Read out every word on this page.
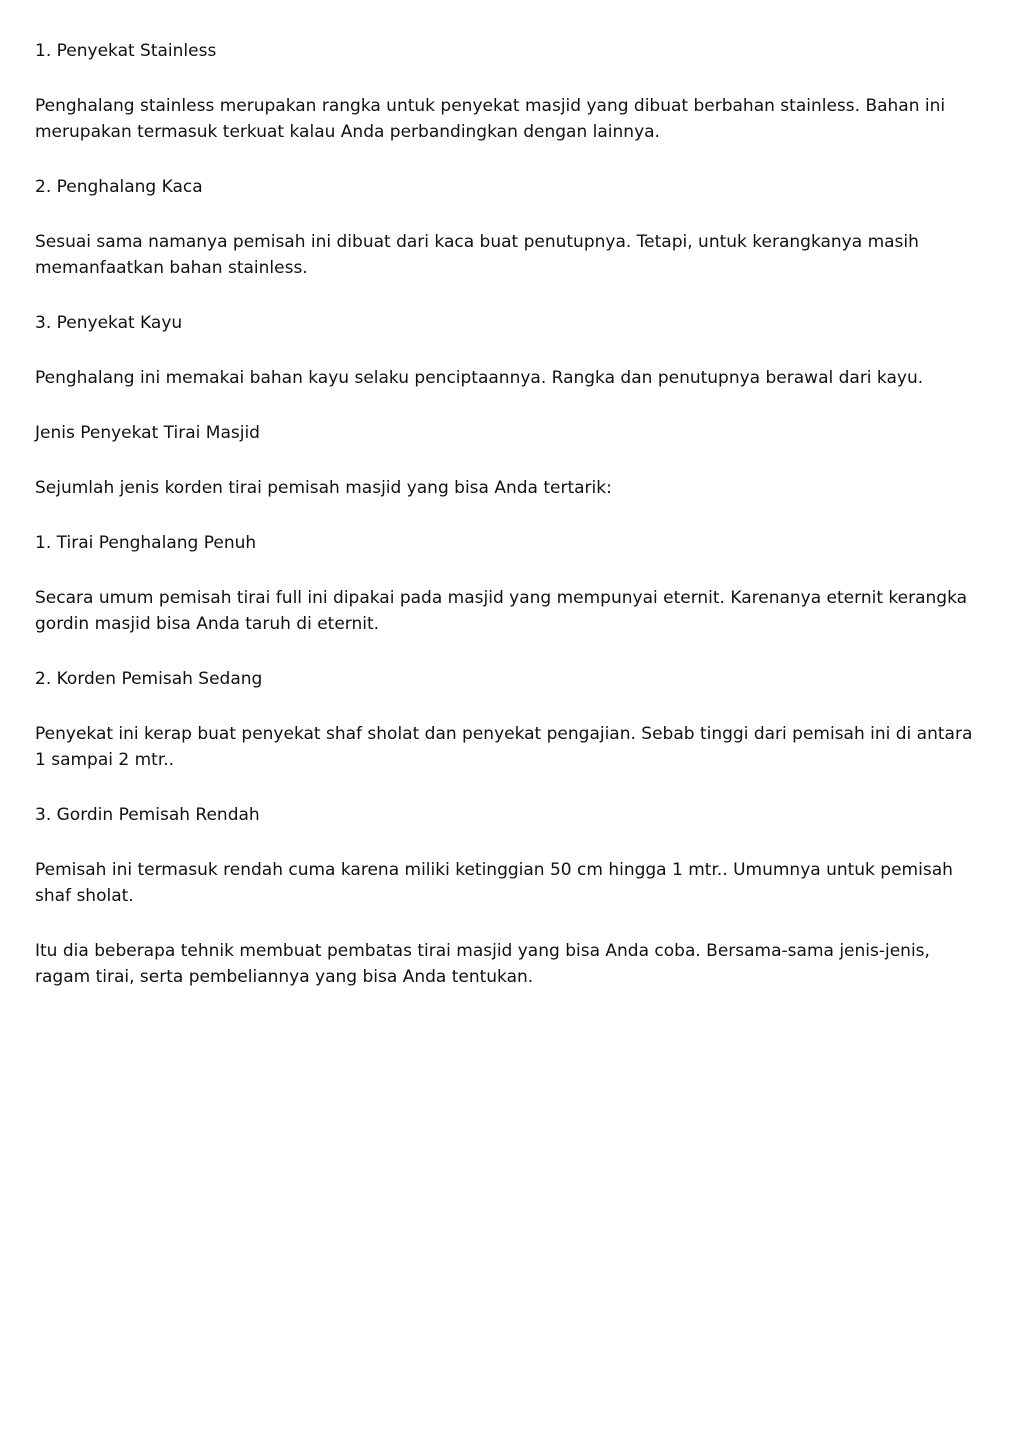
1. Penyekat Stainless

Penghalang stainless merupakan rangka untuk penyekat masjid yang dibuat berbahan stainless. Bahan ini merupakan termasuk terkuat kalau Anda perbandingkan dengan lainnya.

2. Penghalang Kaca

Sesuai sama namanya pemisah ini dibuat dari kaca buat penutupnya. Tetapi, untuk kerangkanya masih memanfaatkan bahan stainless.

3. Penyekat Kayu

Penghalang ini memakai bahan kayu selaku penciptaannya. Rangka dan penutupnya berawal dari kayu.

Jenis Penyekat Tirai Masjid

Sejumlah jenis korden tirai pemisah masjid yang bisa Anda tertarik:

1. Tirai Penghalang Penuh

Secara umum pemisah tirai full ini dipakai pada masjid yang mempunyai eternit. Karenanya eternit kerangka gordin masjid bisa Anda taruh di eternit.

2. Korden Pemisah Sedang

Penyekat ini kerap buat penyekat shaf sholat dan penyekat pengajian. Sebab tinggi dari pemisah ini di antara 1 sampai 2 mtr..

3. Gordin Pemisah Rendah

Pemisah ini termasuk rendah cuma karena miliki ketinggian 50 cm hingga 1 mtr.. Umumnya untuk pemisah shaf sholat.

Itu dia beberapa tehnik membuat pembatas tirai masjid yang bisa Anda coba. Bersama-sama jenis-jenis, ragam tirai, serta pembeliannya yang bisa Anda tentukan.
